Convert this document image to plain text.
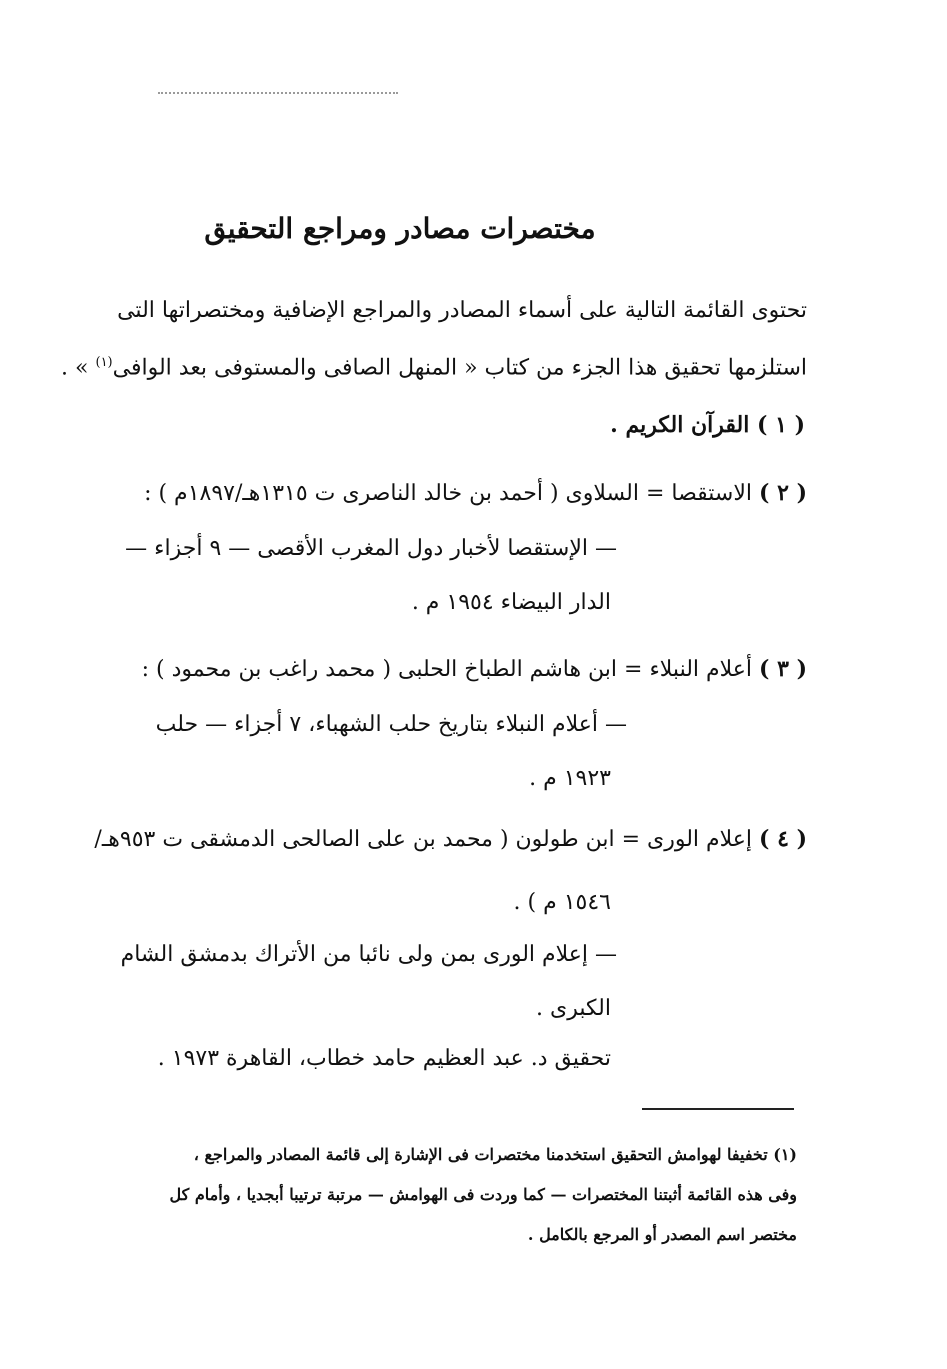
مختصرات مصادر ومراجع التحقيق
تحتوى القائمة التالية على أسماء المصادر والمراجع الإضافية ومختصراتها التى
استلزمها تحقيق هذا الجزء من كتاب « المنهل الصافى والمستوفى بعد الوافى$^{(١)}$ » .
( ١ ) القرآن الكريم .
( ٢ ) الاستقصا = السلاوى ( أحمد بن خالد الناصرى ت ١٣١٥هـ/١٨٩٧م ) :
— الإستقصا لأخبار دول المغرب الأقصى — ٩ أجزاء —
الدار البيضاء ١٩٥٤ م .
( ٣ ) أعلام النبلاء = ابن هاشم الطباخ الحلبى ( محمد راغب بن محمود ) :
— أعلام النبلاء بتاريخ حلب الشهباء، ٧ أجزاء — حلب
١٩٢٣ م .
( ٤ ) إعلام الورى = ابن طولون ( محمد بن على الصالحى الدمشقى ت ٩٥٣هـ/
١٥٤٦ م ) .
— إعلام الورى بمن ولى نائبا من الأتراك بدمشق الشام
الكبرى .
تحقيق د. عبد العظيم حامد خطاب، القاهرة ١٩٧٣ .
(١) تخفيفا لهوامش التحقيق استخدمنا مختصرات فى الإشارة إلى قائمة المصادر والمراجع ،
وفى هذه القائمة أثبتنا المختصرات — كما وردت فى الهوامش — مرتبة ترتيبا أبجديا ، وأمام كل
مختصر اسم المصدر أو المرجع بالكامل .
